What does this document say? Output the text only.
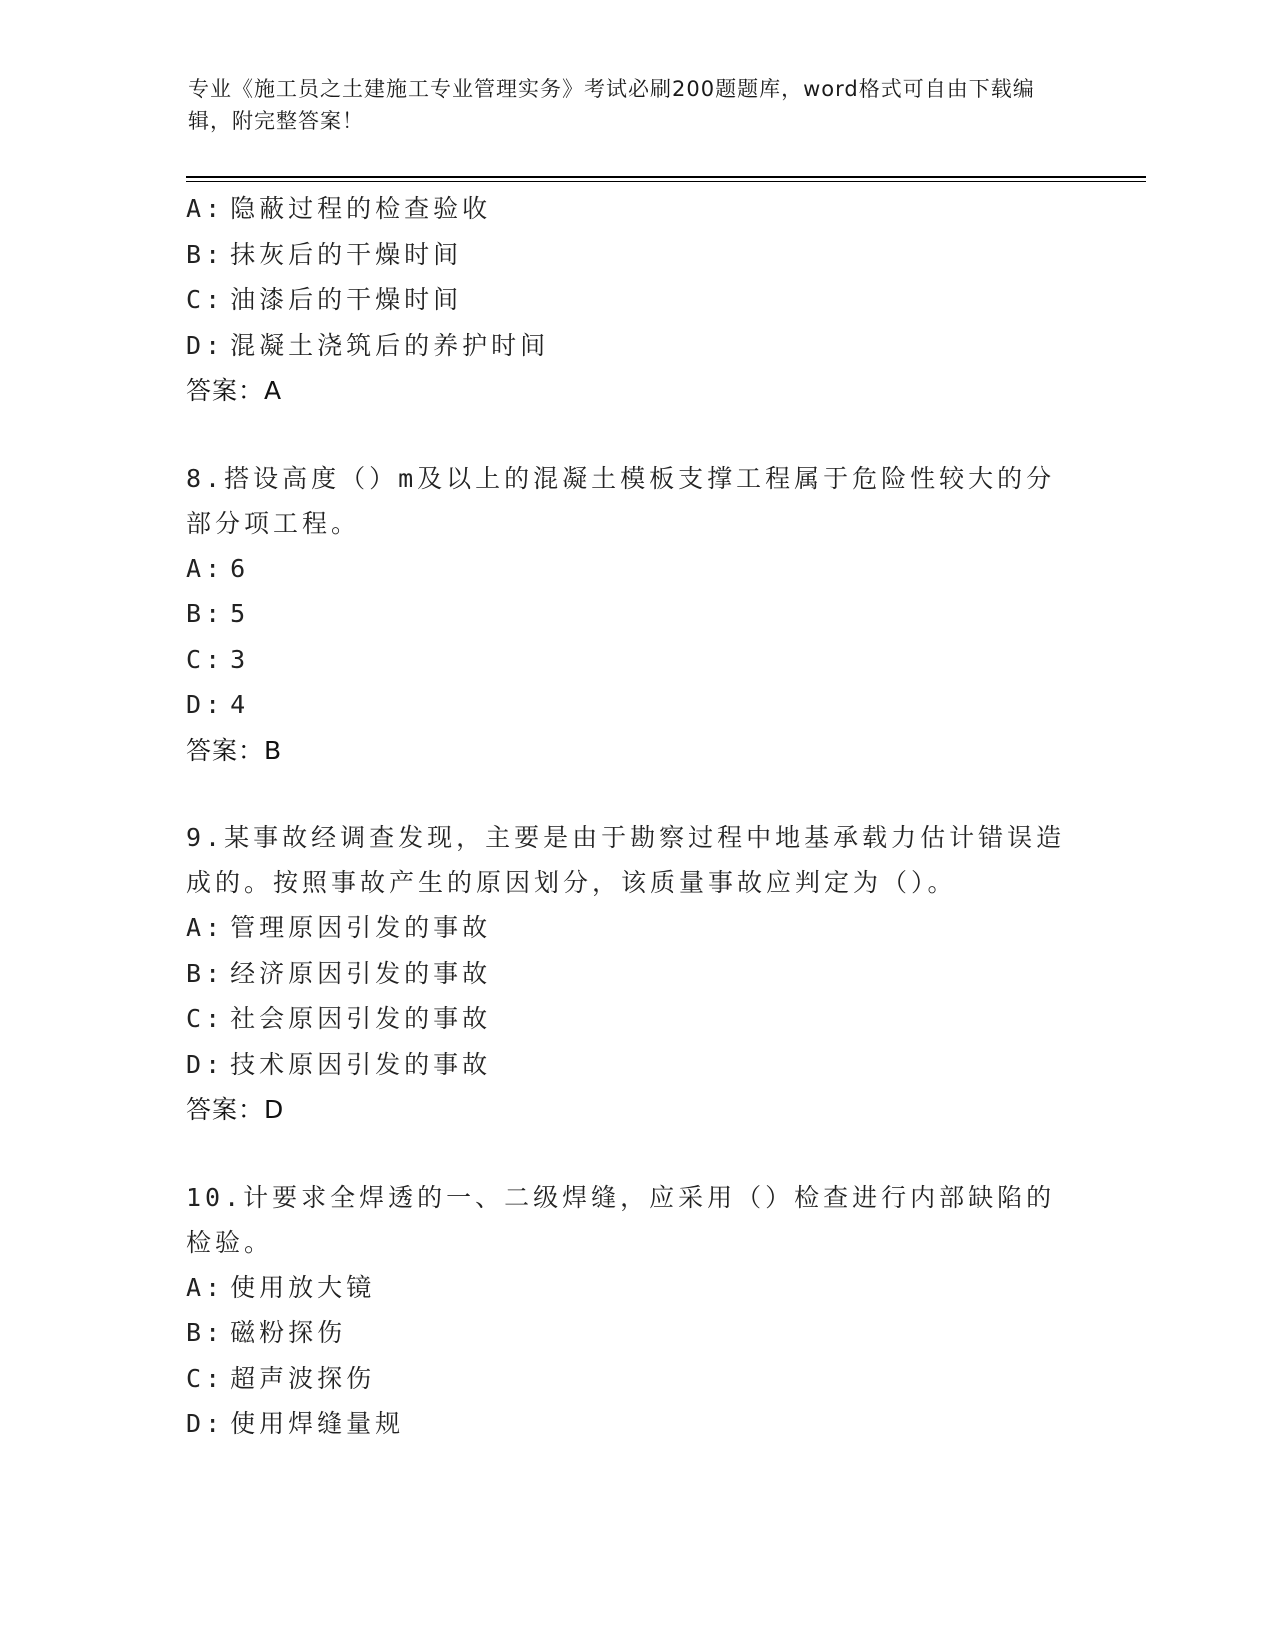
专业《施工员之土建施工专业管理实务》考试必刷200题题库，word格式可自由下载编辑，附完整答案！
A: 隐蔽过程的检查验收
B: 抹灰后的干燥时间
C: 油漆后的干燥时间
D: 混凝土浇筑后的养护时间
答案：A
8.搭设高度（）m及以上的混凝土模板支撑工程属于危险性较大的分部分项工程。
A: 6
B: 5
C: 3
D: 4
答案：B
9.某事故经调查发现，主要是由于勘察过程中地基承载力估计错误造成的。按照事故产生的原因划分，该质量事故应判定为（）。
A: 管理原因引发的事故
B: 经济原因引发的事故
C: 社会原因引发的事故
D: 技术原因引发的事故
答案：D
10.计要求全焊透的一、二级焊缝，应采用（）检查进行内部缺陷的检验。
A: 使用放大镜
B: 磁粉探伤
C: 超声波探伤
D: 使用焊缝量规
